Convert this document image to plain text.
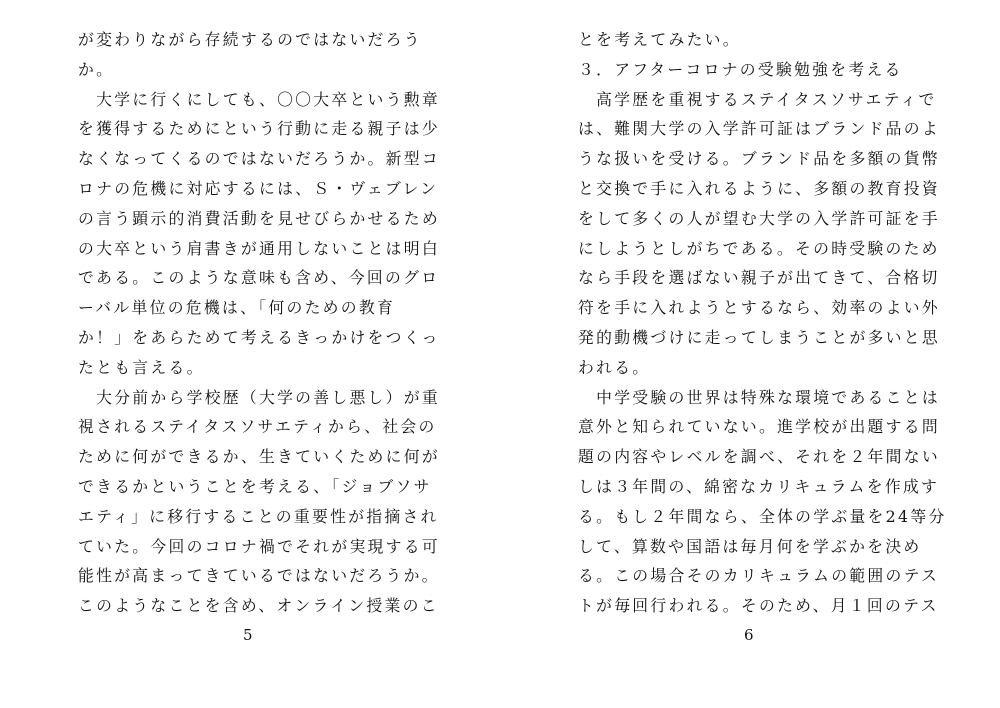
が変わりながら存続するのではないだろう
か。
　大学に行くにしても、〇〇大卒という勲章
を獲得するためにという行動に走る親子は少
なくなってくるのではないだろうか。新型コ
ロナの危機に対応するには、Ｓ・ヴェブレン
の言う顕示的消費活動を見せびらかせるため
の大卒という肩書きが通用しないことは明白
である。このような意味も含め、今回のグロ
ーバル単位の危機は、「何のための教育
か！」をあらためて考えるきっかけをつくっ
たとも言える。
　大分前から学校歴（大学の善し悪し）が重
視されるステイタスソサエティから、社会の
ために何ができるか、生きていくために何が
できるかということを考える、「ジョブソサ
エティ」に移行することの重要性が指摘され
ていた。今回のコロナ禍でそれが実現する可
能性が高まってきているではないだろうか。
このようなことを含め、オンライン授業のこ
とを考えてみたい。
３．アフターコロナの受験勉強を考える
　高学歴を重視するステイタスソサエティで
は、難関大学の入学許可証はブランド品のよ
うな扱いを受ける。ブランド品を多額の貨幣
と交換で手に入れるように、多額の教育投資
をして多くの人が望む大学の入学許可証を手
にしようとしがちである。その時受験のため
なら手段を選ばない親子が出てきて、合格切
符を手に入れようとするなら、効率のよい外
発的動機づけに走ってしまうことが多いと思
われる。
　中学受験の世界は特殊な環境であることは
意外と知られていない。進学校が出題する問
題の内容やレベルを調べ、それを２年間ない
しは３年間の、綿密なカリキュラムを作成す
る。もし２年間なら、全体の学ぶ量を24等分
して、算数や国語は毎月何を学ぶかを決め
る。この場合そのカリキュラムの範囲のテス
トが毎回行われる。そのため、月１回のテス
5	6
